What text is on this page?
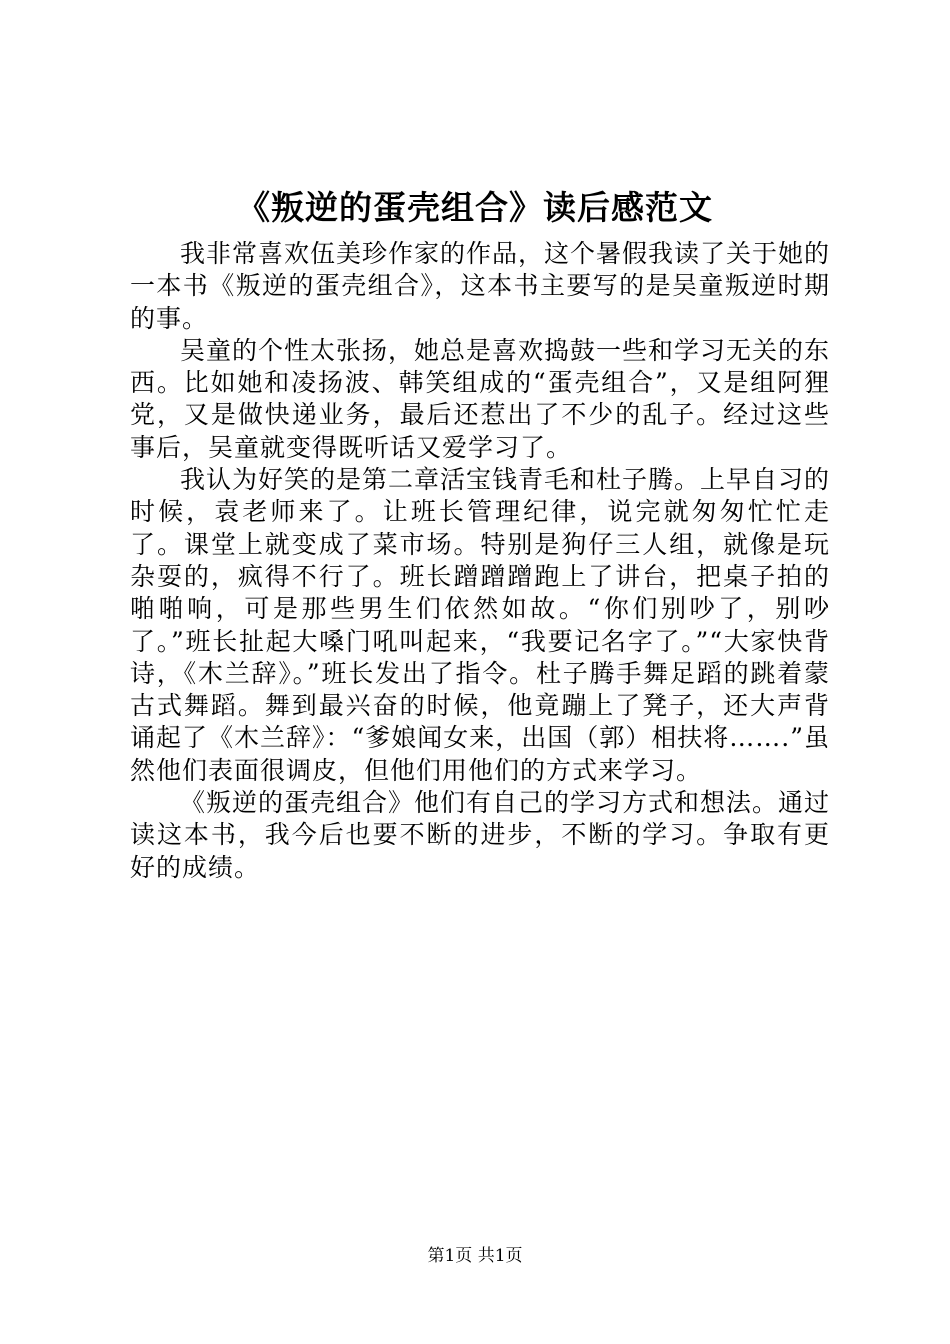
《叛逆的蛋壳组合》读后感范文

我非常喜欢伍美珍作家的作品，这个暑假我读了关于她的一本书《叛逆的蛋壳组合》，这本书主要写的是吴童叛逆时期的事。

吴童的个性太张扬，她总是喜欢捣鼓一些和学习无关的东西。比如她和凌扬波、韩笑组成的“蛋壳组合”，又是组阿狸党，又是做快递业务，最后还惹出了不少的乱子。经过这些事后，吴童就变得既听话又爱学习了。

我认为好笑的是第二章活宝钱青毛和杜子腾。上早自习的时候，袁老师来了。让班长管理纪律，说完就匆匆忙忙走了。课堂上就变成了菜市场。特别是狗仔三人组，就像是玩杂耍的，疯得不行了。班长蹭蹭蹭跑上了讲台，把桌子拍的啪啪响，可是那些男生们依然如故。“你们别吵了，别吵了。”班长扯起大嗓门吼叫起来，“我要记名字了。”“大家快背诗，《木兰辞》。”班长发出了指令。杜子腾手舞足蹈的跳着蒙古式舞蹈。舞到最兴奋的时候，他竟蹦上了凳子，还大声背诵起了《木兰辞》：“爹娘闻女来，出国（郭）相扶将…….”虽然他们表面很调皮，但他们用他们的方式来学习。

《叛逆的蛋壳组合》他们有自己的学习方式和想法。通过读这本书，我今后也要不断的进步，不断的学习。争取有更好的成绩。

第1页 共1页
